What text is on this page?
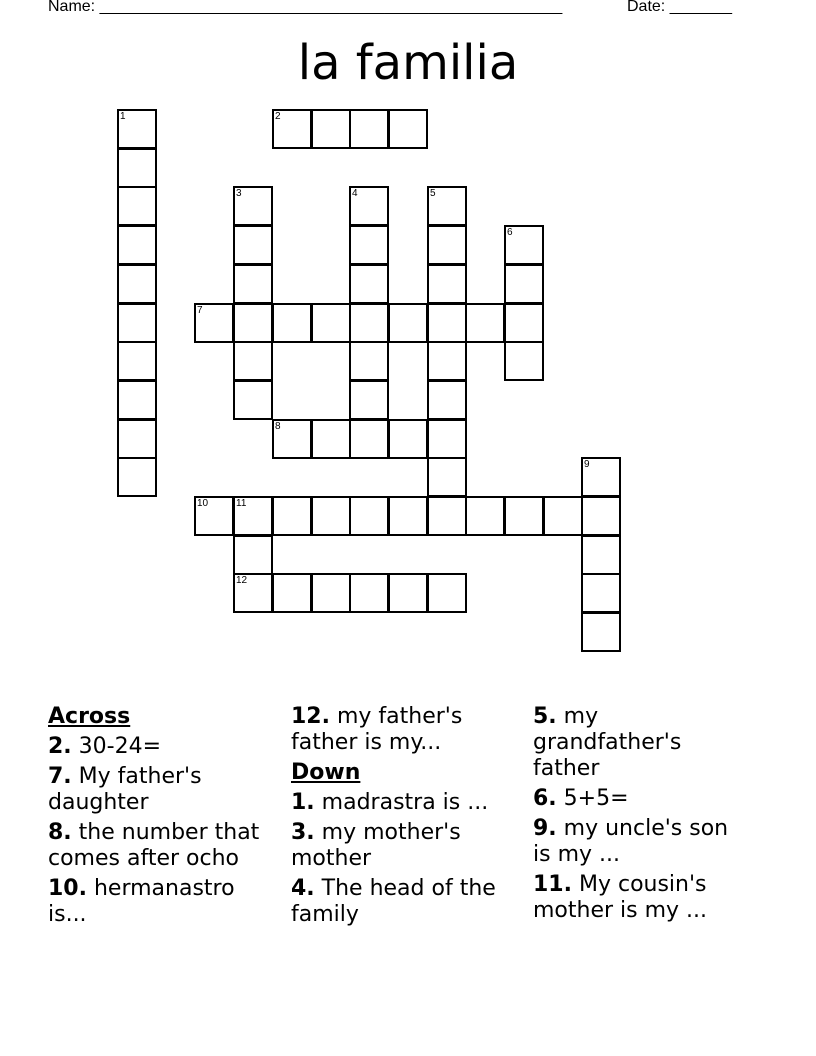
Name: ____________________________________________________	Date: _______
la familia
1	2
3	4	5
6
7
8
9
10	11
12

Across

2. 30-24=

7. My father's daughter

8. the number that comes after ocho

10. hermanastro is...

12. my father's father is my...

Down

1. madrastra is ...

3. my mother's mother

4. The head of the family

5. my grandfather's father

6. 5+5=

9. my uncle's son is my ...

11. My cousin's mother is my ...
